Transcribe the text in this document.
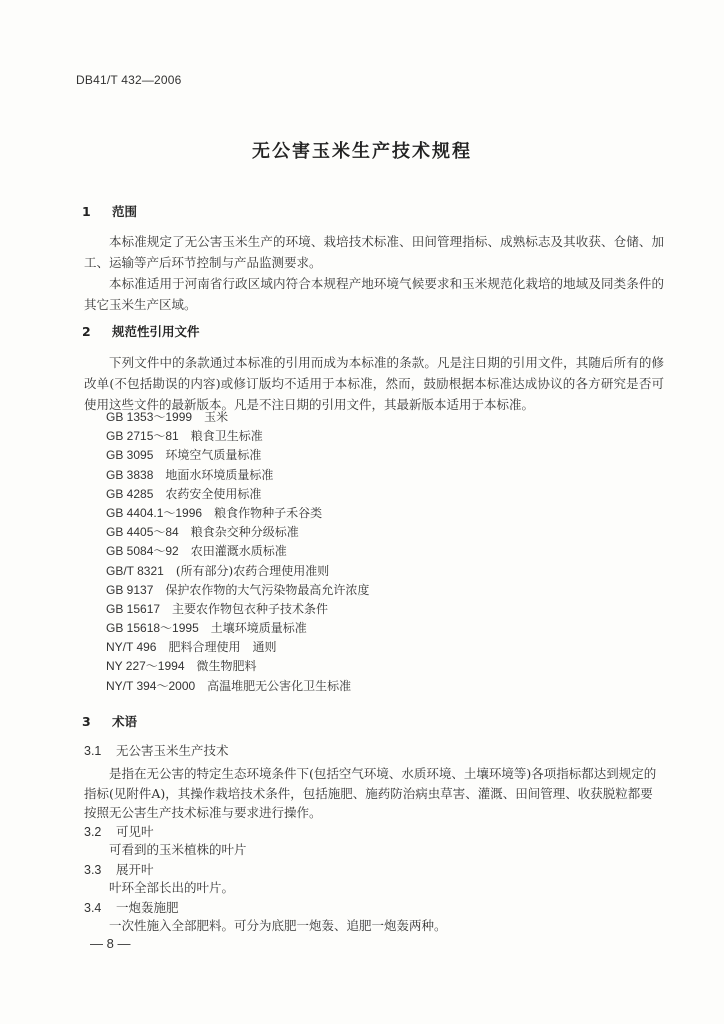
DB41/T 432—2006
无公害玉米生产技术规程
1 范围
本标准规定了无公害玉米生产的环境、栽培技术标准、田间管理指标、成熟标志及其收获、仓储、加工、运输等产后环节控制与产品监测要求。
本标准适用于河南省行政区域内符合本规程产地环境气候要求和玉米规范化栽培的地域及同类条件的其它玉米生产区域。
2 规范性引用文件
下列文件中的条款通过本标准的引用而成为本标准的条款。凡是注日期的引用文件，其随后所有的修改单(不包括勘误的内容)或修订版均不适用于本标准，然而，鼓励根据本标准达成协议的各方研究是否可使用这些文件的最新版本。凡是不注日期的引用文件，其最新版本适用于本标准。
GB 1353～1999 玉米
GB 2715～81 粮食卫生标准
GB 3095 环境空气质量标准
GB 3838 地面水环境质量标准
GB 4285 农药安全使用标准
GB 4404.1～1996 粮食作物种子禾谷类
GB 4405～84 粮食杂交种分级标准
GB 5084～92 农田灌溉水质标准
GB/T 8321 (所有部分)农药合理使用准则
GB 9137 保护农作物的大气污染物最高允许浓度
GB 15617 主要农作物包衣种子技术条件
GB 15618～1995 土壤环境质量标准
NY/T 496 肥料合理使用　通则
NY 227～1994 微生物肥料
NY/T 394～2000 高温堆肥无公害化卫生标准
3 术语
3.1 无公害玉米生产技术
是指在无公害的特定生态环境条件下(包括空气环境、水质环境、土壤环境等)各项指标都达到规定的指标(见附件A)，其操作栽培技术条件，包括施肥、施药防治病虫草害、灌溉、田间管理、收获脱粒都要按照无公害生产技术标准与要求进行操作。
3.2 可见叶
可看到的玉米植株的叶片
3.3 展开叶
叶环全部长出的叶片。
3.4 一炮轰施肥
一次性施入全部肥料。可分为底肥一炮轰、追肥一炮轰两种。
— 8 —
